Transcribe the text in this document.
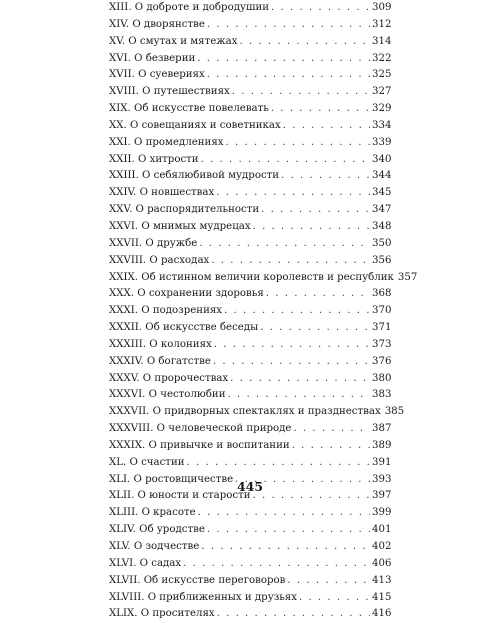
XIII. О доброте и добродушии . . .	309
XIV. О дворянстве . . .	312
XV. О смутах и мятежах . . .	314
XVI. О безверии . . .	322
XVII. О суевериях . . .	325
XVIII. О путешествиях . . .	327
XIX. Об искусстве повелевать . . .	329
XX. О совещаниях и советниках . . .	334
XXI. О промедлениях . . .	339
XXII. О хитрости . . .	340
XXIII. О себялюбивой мудрости . . .	344
XXIV. О новшествах . . .	345
XXV. О распорядительности . . .	347
XXVI. О мнимых мудрецах . . .	348
XXVII. О дружбе . . .	350
XXVIII. О расходах . . .	356
XXIX. Об истинном величии королевств и республик 357
XXX. О сохранении здоровья . . .	368
XXXI. О подозрениях . . .	370
XXXII. Об искусстве беседы . . .	371
XXXIII. О колониях . . .	373
XXXIV. О богатстве . . .	376
XXXV. О пророчествах . . .	380
XXXVI. О честолюбии . . .	383
XXXVII. О придворных спектаклях и празднествах 385
XXXVIII. О человеческой природе . . .	387
XXXIX. О привычке и воспитании . . .	389
XL. О счастии . . .	391
XLI. О ростовщичестве . . .	393
XLII. О юности и старости . . .	397
XLIII. О красоте . . .	399
XLIV. Об уродстве . . .	401
XLV. О зодчестве . . .	402
XLVI. О садах . . .	406
XLVII. Об искусстве переговоров . . .	413
XLVIII. О приближенных и друзьях . . .	415
XLIX. О просителях . . .	416
445
